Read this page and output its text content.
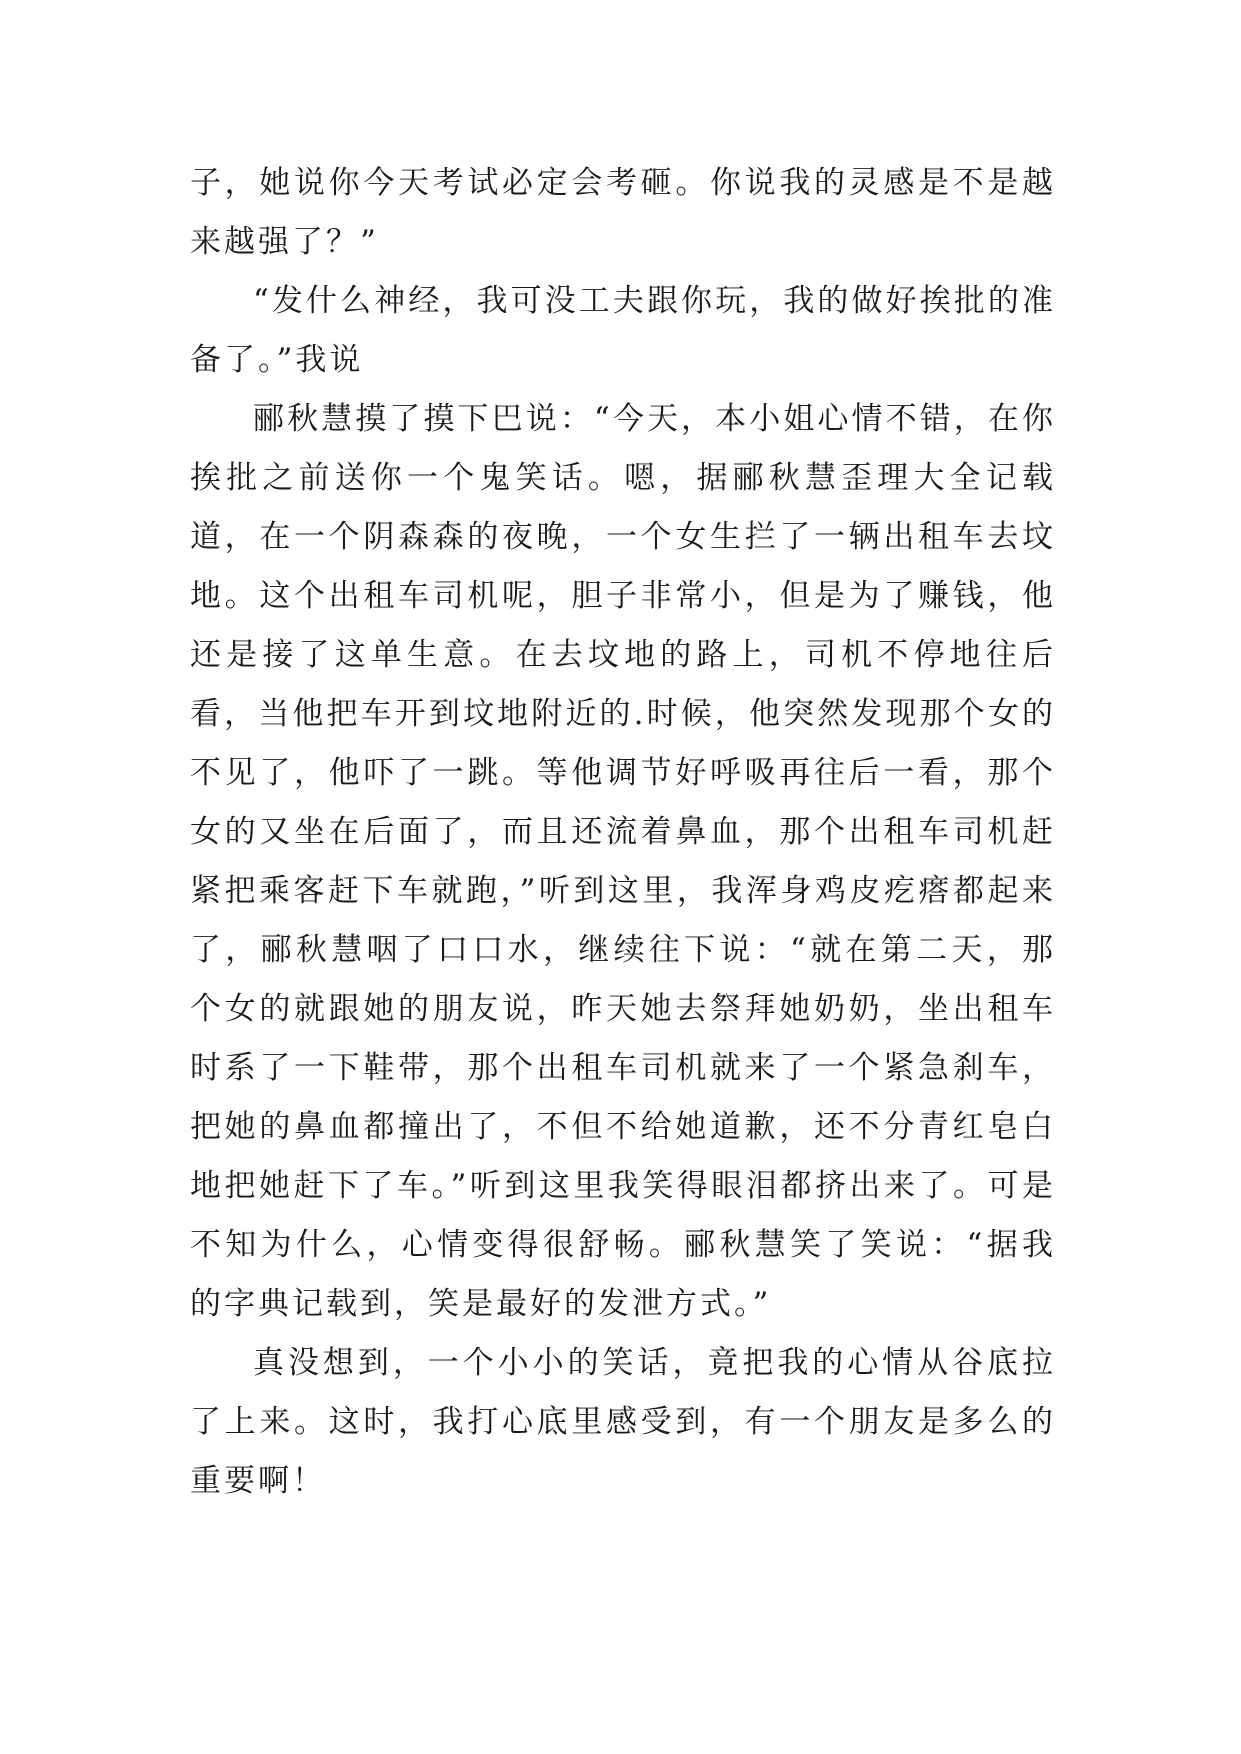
子，她说你今天考试必定会考砸。你说我的灵感是不是越来越强了？”

“发什么神经，我可没工夫跟你玩，我的做好挨批的准备了。”我说

郦秋慧摸了摸下巴说：“今天，本小姐心情不错，在你挨批之前送你一个鬼笑话。嗯，据郦秋慧歪理大全记载道，在一个阴森森的夜晚，一个女生拦了一辆出租车去坟地。这个出租车司机呢，胆子非常小，但是为了赚钱，他还是接了这单生意。在去坟地的路上，司机不停地往后看，当他把车开到坟地附近的.时候，他突然发现那个女的不见了，他吓了一跳。等他调节好呼吸再往后一看，那个女的又坐在后面了，而且还流着鼻血，那个出租车司机赶紧把乘客赶下车就跑，”听到这里，我浑身鸡皮疙瘩都起来了，郦秋慧咽了口口水，继续往下说：“就在第二天，那个女的就跟她的朋友说，昨天她去祭拜她奶奶，坐出租车时系了一下鞋带，那个出租车司机就来了一个紧急刹车，把她的鼻血都撞出了，不但不给她道歉，还不分青红皂白地把她赶下了车。”听到这里我笑得眼泪都挤出来了。可是不知为什么，心情变得很舒畅。郦秋慧笑了笑说：“据我的字典记载到，笑是最好的发泄方式。”

真没想到，一个小小的笑话，竟把我的心情从谷底拉了上来。这时，我打心底里感受到，有一个朋友是多么的重要啊！
